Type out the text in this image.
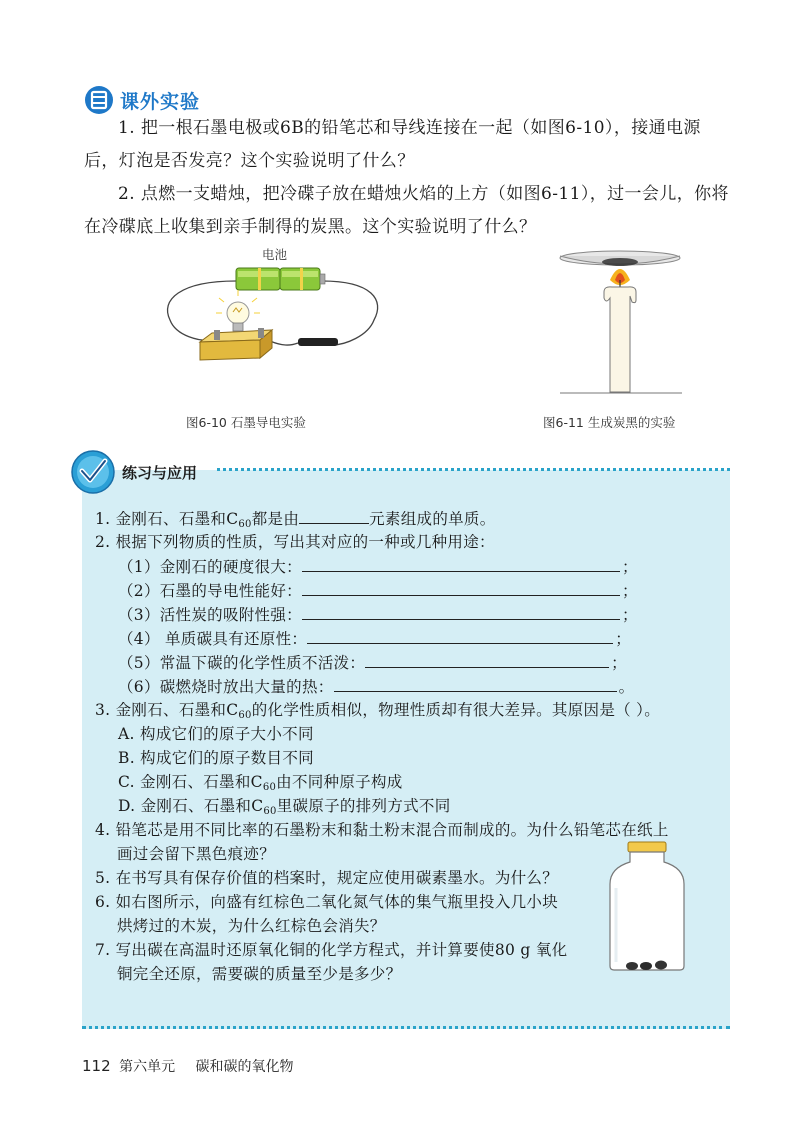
课外实验
1. 把一根石墨电极或6B的铅笔芯和导线连接在一起（如图6-10），接通电源后，灯泡是否发亮？这个实验说明了什么？
2. 点燃一支蜡烛，把冷碟子放在蜡烛火焰的上方（如图6-11），过一会儿，你将在冷碟底上收集到亲手制得的炭黑。这个实验说明了什么？
电池
图6-10 石墨导电实验	图6-11 生成炭黑的实验
练习与应用
1. 金刚石、石墨和C60都是由	元素组成的单质。
2. 根据下列物质的性质，写出其对应的一种或几种用途：
（1）金刚石的硬度很大：	；
（2）石墨的导电性能好：	；
（3）活性炭的吸附性强：	；
（4） 单质碳具有还原性：	；
（5）常温下碳的化学性质不活泼：	；
（6）碳燃烧时放出大量的热：	。
3. 金刚石、石墨和C60的化学性质相似，物理性质却有很大差异。其原因是（ ）。
A. 构成它们的原子大小不同
B. 构成它们的原子数目不同
C. 金刚石、石墨和C60由不同种原子构成
D. 金刚石、石墨和C60里碳原子的排列方式不同
4. 铅笔芯是用不同比率的石墨粉末和黏土粉末混合而制成的。为什么铅笔芯在纸上
画过会留下黑色痕迹？
5. 在书写具有保存价值的档案时，规定应使用碳素墨水。为什么？
6. 如右图所示，向盛有红棕色二氧化氮气体的集气瓶里投入几小块
烘烤过的木炭，为什么红棕色会消失？
7. 写出碳在高温时还原氧化铜的化学方程式，并计算要使80 g 氧化
铜完全还原，需要碳的质量至少是多少？
112 第六单元 碳和碳的氧化物
